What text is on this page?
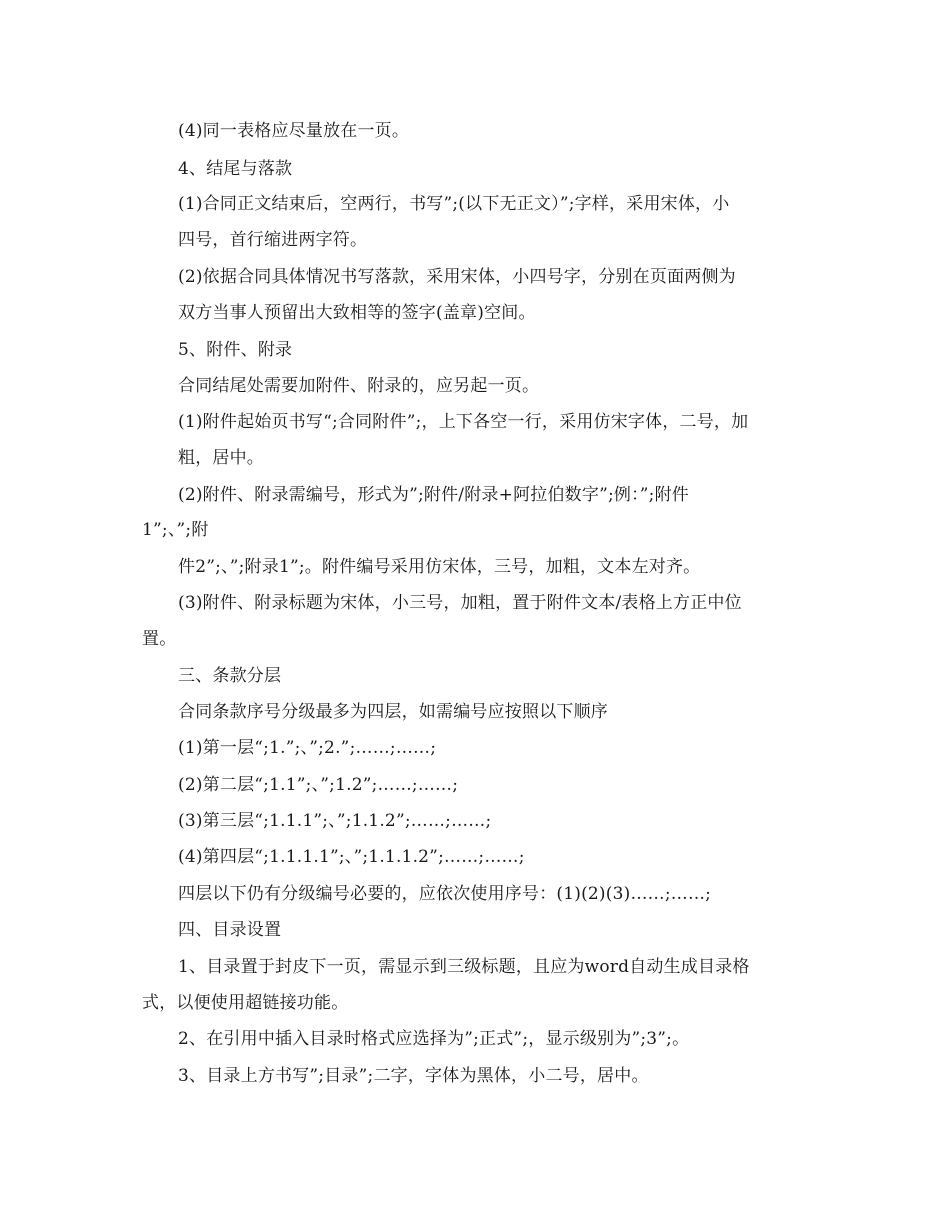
(4)同一表格应尽量放在一页。
4、结尾与落款
(1)合同正文结束后，空两行，书写”;(以下无正文）”;字样，采用宋体，小
四号，首行缩进两字符。
(2)依据合同具体情况书写落款，采用宋体，小四号字，分别在页面两侧为
双方当事人预留出大致相等的签字(盖章)空间。
5、附件、附录
合同结尾处需要加附件、附录的，应另起一页。
(1)附件起始页书写“;合同附件”;，上下各空一行，采用仿宋字体，二号，加
粗，居中。
(2)附件、附录需编号，形式为”;附件/附录+阿拉伯数字”;例：”;附件
1”;、”;附
件2”;、”;附录1”;。附件编号采用仿宋体，三号，加粗，文本左对齐。
(3)附件、附录标题为宋体，小三号，加粗，置于附件文本/表格上方正中位
置。
三、条款分层
合同条款序号分级最多为四层，如需编号应按照以下顺序
(1)第一层“;1.”;、”;2.”;……;……;
(2)第二层“;1.1”;、”;1.2”;……;……;
(3)第三层“;1.1.1”;、”;1.1.2”;……;……;
(4)第四层“;1.1.1.1”;、”;1.1.1.2”;……;……;
四层以下仍有分级编号必要的，应依次使用序号：(1)(2)(3)……;……;
四、目录设置
1、目录置于封皮下一页，需显示到三级标题，且应为word自动生成目录格
式，以便使用超链接功能。
2、在引用中插入目录时格式应选择为”;正式”;，显示级别为”;3”;。
3、目录上方书写”;目录”;二字，字体为黑体，小二号，居中。
